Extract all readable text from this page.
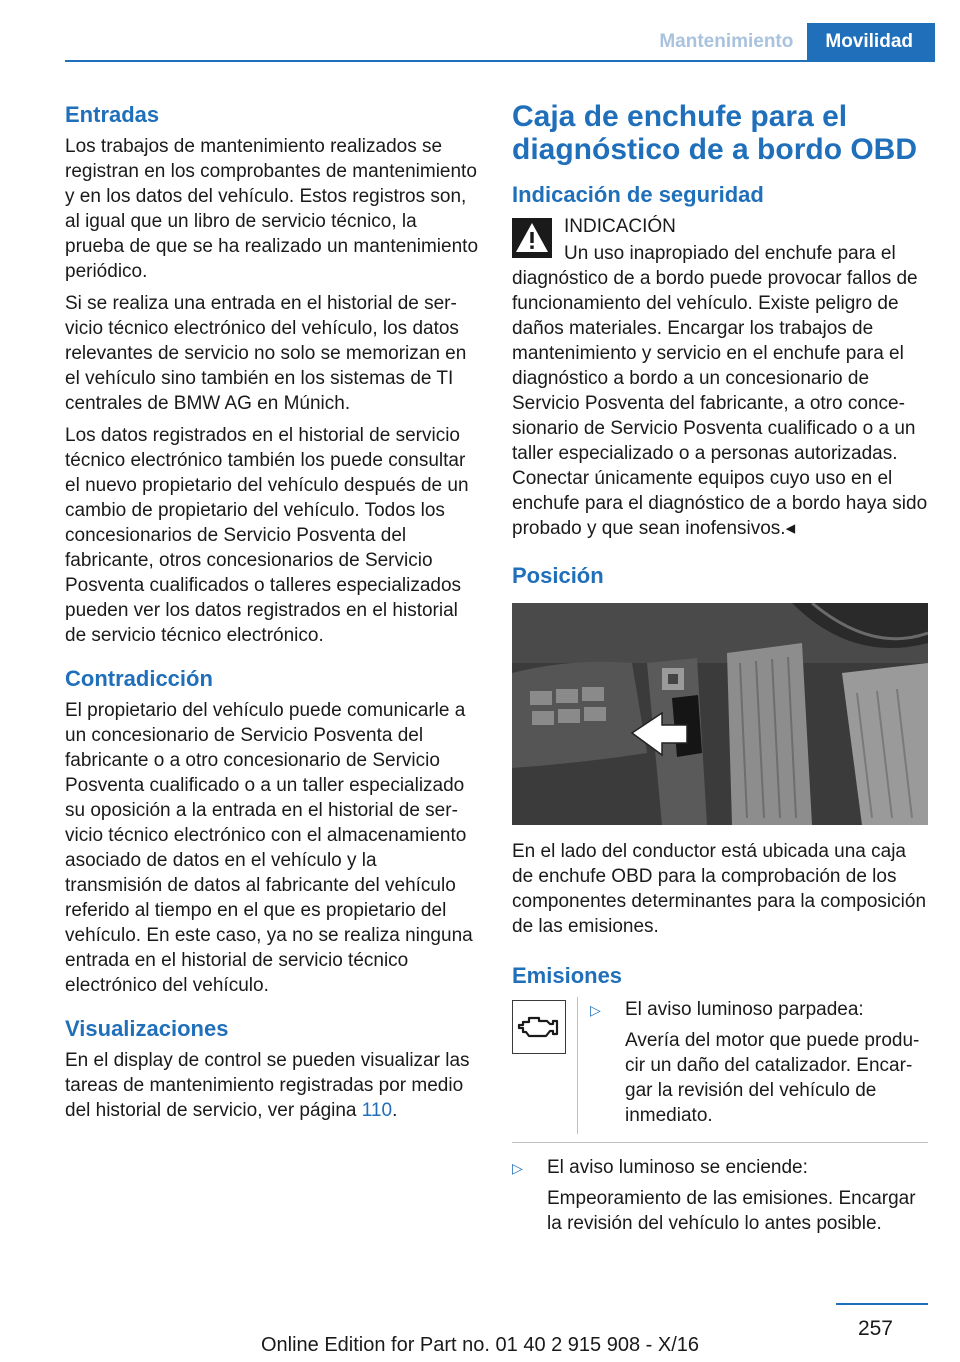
Mantenimiento	Movilidad
Entradas

Los trabajos de mantenimiento realizados se registran en los comprobantes de mantenimiento y en los datos del vehículo. Estos registros son, al igual que un libro de servicio técnico, la prueba de que se ha realizado un mantenimiento periódico.

Si se realiza una entrada en el historial de servicio técnico electrónico del vehículo, los datos relevantes de servicio no solo se memorizan en el vehículo sino también en los sistemas de TI centrales de BMW AG en Múnich.

Los datos registrados en el historial de servicio técnico electrónico también los puede consultar el nuevo propietario del vehículo después de un cambio de propietario del vehículo. Todos los concesionarios de Servicio Posventa del fabricante, otros concesionarios de Servicio Posventa cualificados o talleres especializados pueden ver los datos registrados en el historial de servicio técnico electrónico.

Contradicción

El propietario del vehículo puede comunicarle a un concesionario de Servicio Posventa del fabricante o a otro concesionario de Servicio Posventa cualificado o a un taller especializado su oposición a la entrada en el historial de servicio técnico electrónico con el almacenamiento asociado de datos en el vehículo y la transmisión de datos al fabricante del vehículo referido al tiempo en el que es propietario del vehículo. En este caso, ya no se realiza ninguna entrada en el historial de servicio técnico electrónico del vehículo.

Visualizaciones

En el display de control se pueden visualizar las tareas de mantenimiento registradas por medio del historial de servicio, ver página 110.

Caja de enchufe para el diagnóstico de a bordo OBD
Indicación de seguridad

INDICACIÓN

Un uso inapropiado del enchufe para el diagnóstico de a bordo puede provocar fallos de funcionamiento del vehículo. Existe peligro de daños materiales. Encargar los trabajos de mantenimiento y servicio en el enchufe para el diagnóstico a bordo a un concesionario de Servicio Posventa del fabricante, a otro concesionario de Servicio Posventa cualificado o a un taller especializado o a personas autorizadas. Conectar únicamente equipos cuyo uso en el enchufe para el diagnóstico de a bordo haya sido probado y que sean inofensivos.◂

Posición

En el lado del conductor está ubicada una caja de enchufe OBD para la comprobación de los componentes determinantes para la composición de las emisiones.

Emisiones
▷	El aviso luminoso parpadea:

Avería del motor que puede producir un daño del catalizador. Encargar la revisión del vehículo de inmediato.

▷	El aviso luminoso se enciende:

Empeoramiento de las emisiones. Encargar la revisión del vehículo lo antes posible.

257
Online Edition for Part no. 01 40 2 915 908 - X/16
